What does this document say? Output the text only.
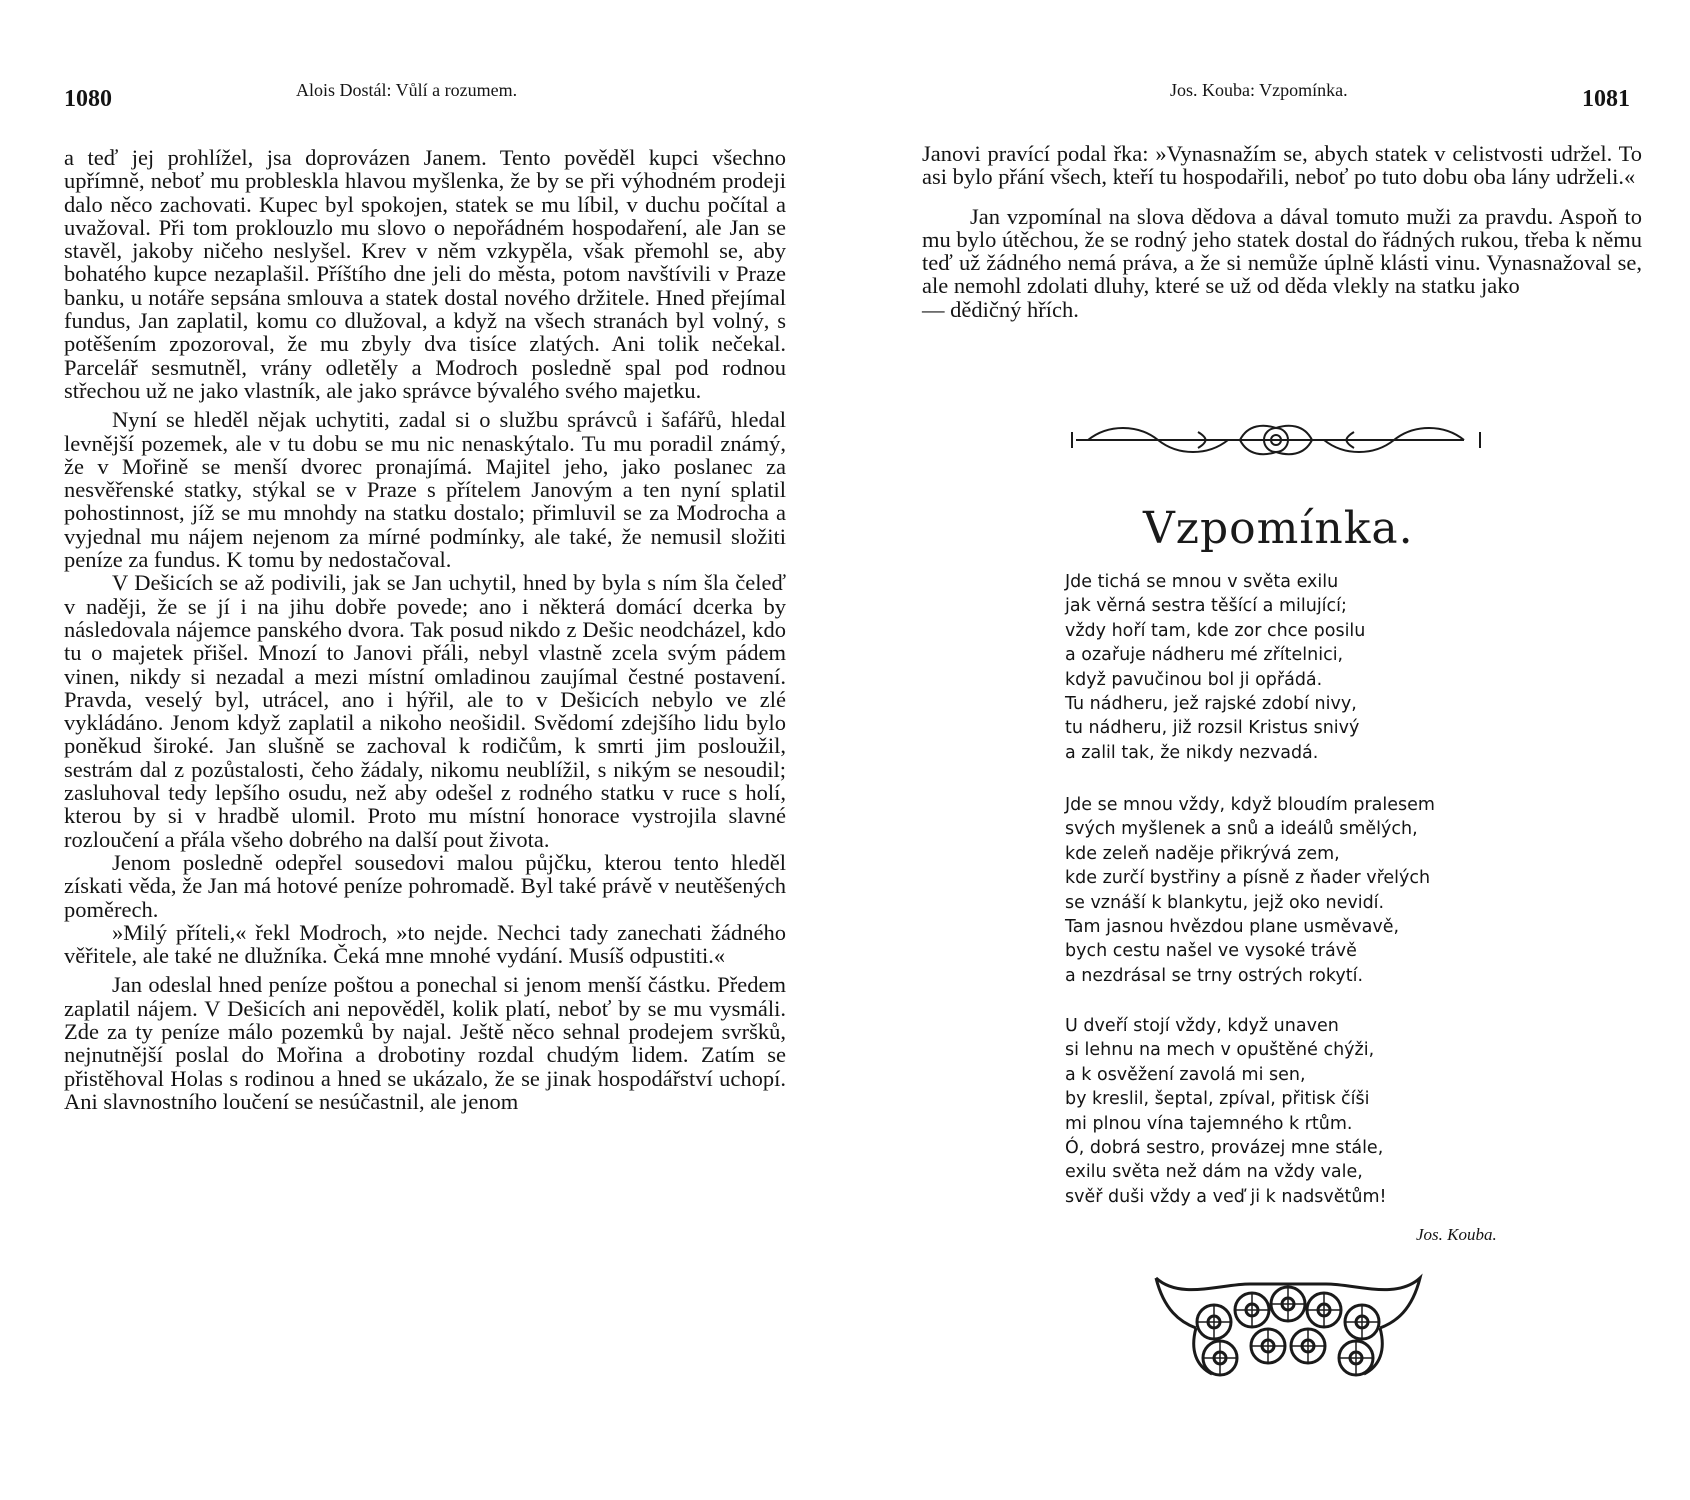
1080	Alois Dostál: Vůlí a rozumem.

a teď jej prohlížel, jsa doprovázen Janem. Tento pověděl kupci všechno upřímně, neboť mu probleskla hlavou myšlenka, že by se při výhodném prodeji dalo něco zachovati. Kupec byl spokojen, statek se mu líbil, v duchu počítal a uvažoval. Při tom proklouzlo mu slovo o nepořádném hospodaření, ale Jan se stavěl, jakoby ničeho neslyšel. Krev v něm vzkypěla, však přemohl se, aby bohatého kupce nezaplašil. Příštího dne jeli do města, potom navštívili v Praze banku, u notáře sepsána smlouva a statek dostal nového držitele. Hned přejímal fundus, Jan zaplatil, komu co dlužoval, a když na všech stranách byl volný, s potěšením zpozoroval, že mu zbyly dva tisíce zlatých. Ani tolik nečekal. Parcelář sesmutněl, vrány odletěly a Modroch posledně spal pod rodnou střechou už ne jako vlastník, ale jako správce bývalého svého majetku.

Nyní se hleděl nějak uchytiti, zadal si o službu správců i šafářů, hledal levnější pozemek, ale v tu dobu se mu nic nenaskýtalo. Tu mu poradil známý, že v Mořině se menší dvorec pronajímá. Majitel jeho, jako poslanec za nesvěřenské statky, stýkal se v Praze s přítelem Janovým a ten nyní splatil pohostinnost, jíž se mu mnohdy na statku dostalo; přimluvil se za Modrocha a vyjednal mu nájem nejenom za mírné podmínky, ale také, že nemusil složiti peníze za fundus. K tomu by nedostačoval.

V Dešicích se až podivili, jak se Jan uchytil, hned by byla s ním šla čeleď v naději, že se jí i na jihu dobře povede; ano i některá domácí dcerka by následovala nájemce panského dvora. Tak posud nikdo z Dešic neodcházel, kdo tu o majetek přišel. Mnozí to Janovi přáli, nebyl vlastně zcela svým pádem vinen, nikdy si nezadal a mezi místní omladinou zaujímal čestné postavení. Pravda, veselý byl, utrácel, ano i hýřil, ale to v Dešicích nebylo ve zlé vykládáno. Jenom když zaplatil a nikoho neošidil. Svědomí zdejšího lidu bylo poněkud široké. Jan slušně se zachoval k rodičům, k smrti jim posloužil, sestrám dal z pozůstalosti, čeho žádaly, nikomu neublížil, s nikým se nesoudil; zasluhoval tedy lepšího osudu, než aby odešel z rodného statku v ruce s holí, kterou by si v hradbě ulomil. Proto mu místní honorace vystrojila slavné rozloučení a přála všeho dobrého na další pout života.

Jenom posledně odepřel sousedovi malou půjčku, kterou tento hleděl získati věda, že Jan má hotové peníze pohromadě. Byl také právě v neutěšených poměrech.

»Milý příteli,« řekl Modroch, »to nejde. Nechci tady zanechati žádného věřitele, ale také ne dlužníka. Čeká mne mnohé vydání. Musíš odpustiti.«

Jan odeslal hned peníze poštou a ponechal si jenom menší částku. Předem zaplatil nájem. V Dešicích ani nepověděl, kolik platí, neboť by se mu vysmáli. Zde za ty peníze málo pozemků by najal. Ještě něco sehnal prodejem svršků, nejnutnější poslal do Mořina a drobotiny rozdal chudým lidem. Zatím se přistěhoval Holas s rodinou a hned se ukázalo, že se jinak hospodářství uchopí. Ani slavnostního loučení se nesúčastnil, ale jenom

Jos. Kouba: Vzpomínka.	1081

Janovi pravící podal řka: »Vynasnažím se, abych statek v celistvosti udržel. To asi bylo přání všech, kteří tu hospodařili, neboť po tuto dobu oba lány udrželi.«

Jan vzpomínal na slova dědova a dával tomuto muži za pravdu. Aspoň to mu bylo útěchou, že se rodný jeho statek dostal do řádných rukou, třeba k němu teď už žádného nemá práva, a že si nemůže úplně klásti vinu. Vynasnažoval se, ale nemohl zdolati dluhy, které se už od děda vlekly na statku jako

— dědičný hřích.

Vzpomínka.
Jde tichá se mnou v světa exilu
jak věrná sestra těšící a milující;
vždy hoří tam, kde zor chce posilu
a ozařuje nádheru mé zřítelnici,
když pavučinou bol ji opřádá.
Tu nádheru, jež rajské zdobí nivy,
tu nádheru, již rozsil Kristus snivý
a zalil tak, že nikdy nezvadá.
Jde se mnou vždy, když bloudím pralesem
svých myšlenek a snů a ideálů smělých,
kde zeleň naděje přikrývá zem,
kde zurčí bystřiny a písně z ňader vřelých
se vznáší k blankytu, jejž oko nevidí.
Tam jasnou hvězdou plane usměvavě,
bych cestu našel ve vysoké trávě
a nezdrásal se trny ostrých rokytí.
U dveří stojí vždy, když unaven
si lehnu na mech v opuštěné chýži,
a k osvěžení zavolá mi sen,
by kreslil, šeptal, zpíval, přitisk číši
mi plnou vína tajemného k rtům.
Ó, dobrá sestro, provázej mne stále,
exilu světa než dám na vždy vale,
svěř duši vždy a veď ji k nadsvětům!
Jos. Kouba.
